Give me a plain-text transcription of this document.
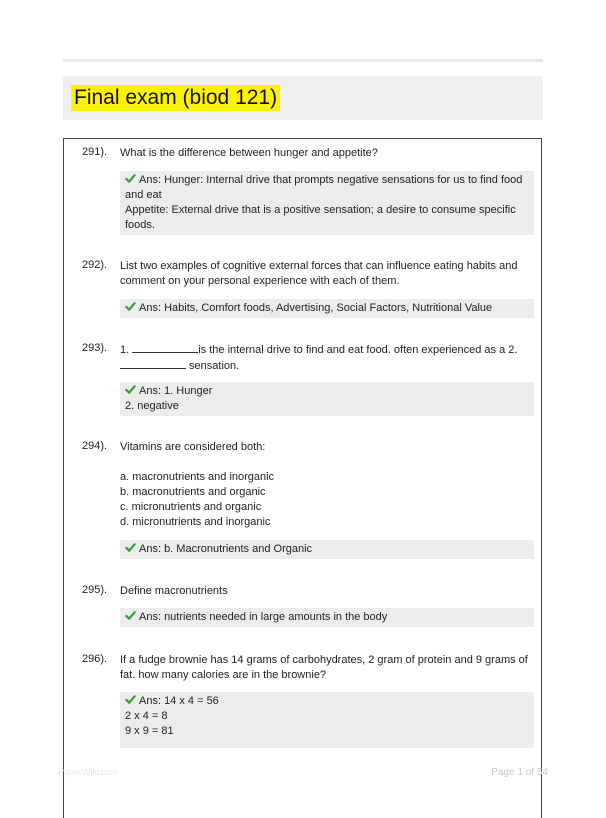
Final exam (biod 121)
291). What is the difference between hunger and appetite?
Ans: Hunger: Internal drive that prompts negative sensations for us to find food and eat
Appetite: External drive that is a positive sensation; a desire to consume specific foods.
292). List two examples of cognitive external forces that can influence eating habits and comment on your personal experience with each of them.
Ans: Habits, Comfort foods, Advertising, Social Factors, Nutritional Value
293). 1.	is the internal drive to find and eat food. often experienced as a 2.  sensation.
Ans: 1. Hunger
2. negative
294). Vitamins are considered both:
a. macronutrients and inorganic
b. macronutrients and organic
c. micronutrients and organic
d. micronutrients and inorganic
Ans: b. Macronutrients and Organic
295). Define macronutrients
Ans: nutrients needed in large amounts in the body
296). If a fudge brownie has 14 grams of carbohydrates, 2 gram of protein and 9 grams of fat. how many calories are in the brownie?
Ans: 14 x 4 = 56
2 x 4 = 8
9 x 9 = 81
PaperWiki.com	Page 1 of 54
